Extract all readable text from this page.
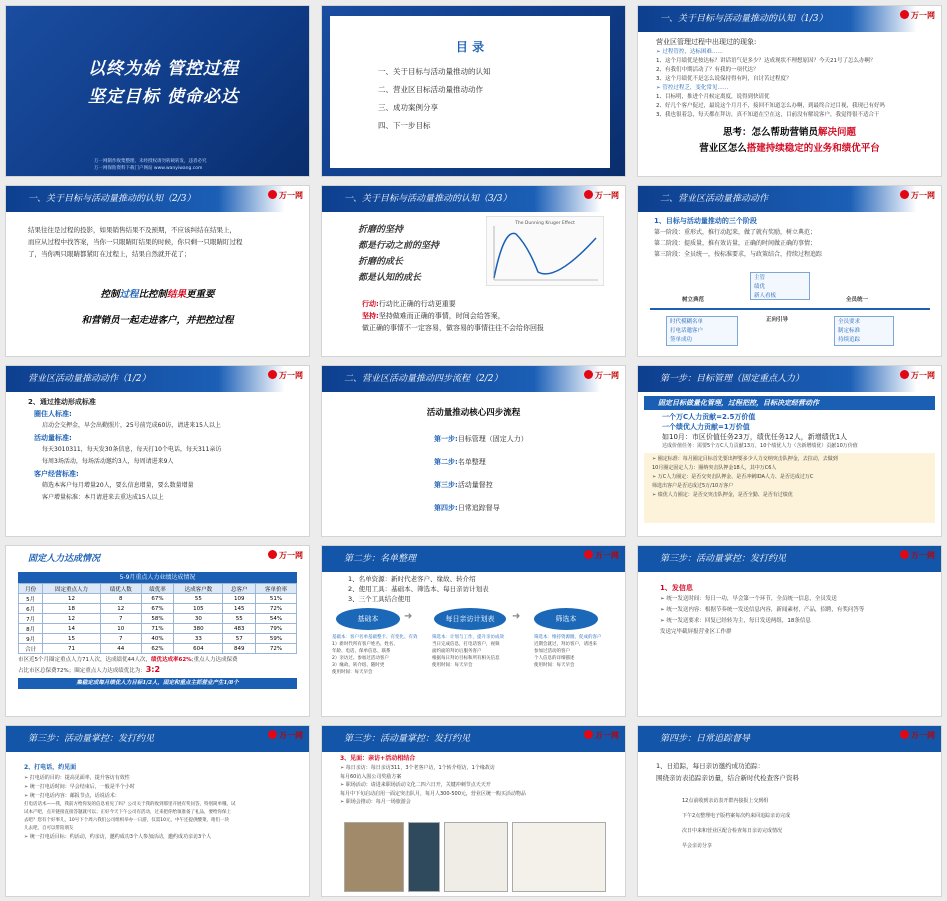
以终为始 管控过程
坚定目标 使命必达
万一网制作收集整理，未经授权请勿转载转发，违者必究
万一网保险资料下载门户网站 www.wanyiwang.com
目 录
一、关于目标与活动量推动的认知
二、营业区目标活动量推动动作
三、成功案例分享
四、下一步目标
一、关于目标与活动量推动的认知（1/3）	万一网
营业区管理过程中出现过的现象:
➢ 过程管控，达标困难……
1、这个月绩优是按达标？讲话语气是多少？达成现状不理想原因？今天21号了怎么办啊？
2、有我们中期活动了？有我的一项代达？
3、这个月绩优不是怎么说保持得有吗，自讨苦过程度？
➢ 管控过程乏，变化常见……
1、目标明，推进个月候定离度，说得到快请优
2、好几个客户促过，最说这个月月不，接回不知道怎么办啊，到最终合过目视，我现已有好吗
3、我也很着急，每天都在拜访，真不知道在空在这，目前没有解说客户，我觉得很不适合干
思考：怎么帮助营销员解决问题
营业区怎么搭建持续稳定的业务和绩优平台
一、关于目标与活动量推动的认知（2/3）	万一网
结果往往是过程的投影，如果销售结果不及预期，不应该纠结在结果上，
而应从过程中找答案，当你一只眼睛盯结果的时候，你只剩一只眼睛盯过程
了，当你两只眼睛都紧盯在过程上，结果自然就开花了；
控制过程比控制结果更重要
和营销员一起走进客户，并把控过程
一、关于目标与活动量推动的认知（3/3）	万一网
折磨的坚持
都是行动之前的坚持
折磨的成长
都是认知的成长
The Dunning Kruger Effect
行动:行动比正确的行动更重要
坚持:坚持做难而正确的事情，时间会给答案，
做正确的事情不一定容易，做容易的事情往往不会给你回报
二、营业区活动量推动动作	万一网
1、目标与活动量推动的三个阶段
第一阶段：重形式，推行动起来，做了就有奖励，树立典范；
第二阶段：提质量，推有效访量，正确的时间做正确的事情；
第三阶段：全员统一，按标准要求，与政策结合，持续过程追踪
主管
绩优
新人看板
树立典范
正向引导
全员统一
时代模糊名单
打电话邀客户
签单成功
全员要求
制定标准
持续追踪
营业区活动量推动动作（1/2）	万一网
2、通过推动形成标准
圈住人标准:
启动会交押金，早会出勤照片，25号前完成60访，请进来15人以上
活动量标准:
每天3010311，每天发30条信息，每天打10个电话，每天311亲访
每周3场活动，每场活动邀约3人，每周请进来9人
客户经营标准:
筛选本客户每月增量20人，要么信息增量，要么数量增量
客户增量标准：本月请进来去重达成15人以上
二、营业区活动量推动四步流程（2/2）	万一网
活动量推动核心四步流程
第一步:目标管理（固定人力）
第二步:名单整理
第三步:活动量督控
第四步:日常追踪督导
第一步：目标管理（固定重点人力）	万一网
固定目标做量化管理，过程把控，目标决定经营动作
一个万C人力贡献=2.5万价值
一个绩优人力贡献=1万价值
如10月：市区价值任务23万，绩优任务12人，新增绩优1人
达成价值任务：需要5个万C人力贡献13万，10个绩优人力（含新增绩优）贡献10万价值
➢ 圈定标准：每月圈定目标首先要出押要多少人力交纳突击队押金，去拉动，去做到
10月圈定固定人力：圈纳突击队押金18人，其中万C6人
➢ 万C人力圈定：是否交突击队押金、是否冲刺IDA人力、是否达成过万C
筛选出客户是否达成过5万/10万客户
➢ 绩优人力圈定：是否交突击队押金，是否全勤、是否有过绩优
固定人力达成情况	万一网
5-9月重点人力业绩达成情况
月份	固定重点人力	绩优人数	绩优率	达成客户数	总客户	客单价率
5月	12	8	67%	55	109	51%
6月	18	12	67%	105	145	72%
7月	12	7	58%	30	55	54%
8月	14	10	71%	380	483	79%
9月	15	7	40%	33	57	59%
合计	71	44	62%	604	849	72%
市区近5个月圈定重点人力71人次，达成绩优44人次，绩优达成率62%;重点人力达成保费
占比市区总保费72%；圈定重点人力达成绩优比为：3:2
集稳定成每月绩优人力目标1/2人，固定和重点主抓营业产生1/8个
第二步：名单整理	万一网
1、名单资源：新时代老客户、缘故、转介绍
2、使用工具：基础本、筛选本、每日亲访计划表
3、三个工具结合使用
基础本	每日亲访计划表	筛选本
➜	➜
基础本：客户名单基础整卡、有变化、有效
1）新时代所有客户姓名、姓名、
年龄、电话、保单信息、联系
2）亲访过、参加过活动客户
3）缘故、转介绍、随时更
使用时间：每天早会
筛选本：计划与工作，提升亲访成效
当日完成信息，打电话客户，视频
面约面的拜访后服务客户
根据每日拜访目标和所有相关信息
使用时间：每天早会
筛选本：维持资源圈，促成的客户
近期会就过，拜访客户，请进来
参加过活动的客户
个人信息的详细描述
使用时间：每天早会
第三步：活动量掌控：发打约见	万一网
1、发信息
➢ 统一发送时间：每日一功，早会第一个环节，全员统一信息，全员发送
➢ 统一发送内容：根据节奏统一发送信息内容，新闻素材，产品，招聘，有奖问答等
➢ 统一发送要求：回复已经转为主，每日发送两组，18条信息
发送完毕截屏报营业区工作群
第三步：活动量掌控：发打约见	万一网
2、打电话，约见面
➢ 打电话的目的：提高见面率，提升客访有效性
➢ 统一打电话时间：早会结束后，一般是半个小时
➢ 统一打电话内容：邮报节点，话说话术：
打电话话术——我，我前方给你发的信息看见了吗？公司关于我的收到那里开展有奖问答，特别简单哦，试
试本产吧，点开链接直接答题就可以；正好今天下午公司有活动，过来把你给领准备了礼品，要给你保上
去吧？您有个好事儿，10号下个周六我们公司组织举办一日游，仅需10元，中午还提供酸菜，咱们一块
儿去吧，自可以带陪朋友
➢ 统一打电话目标：约活动，约亲访，邀约成功3个人参加活动，邀约成功亲访3个人
第三步：活动量掌控：发打约见	万一网
3、见面：亲访+活动相结合
➢ 每日亲访：每日亲访311，3个老客户访，1个转介绍访，1个缘故访
每月60访入围公司奖励方案
➢ 职场活动：请进来职场活动文化二四六日开，关键冲刺节点天天开
每月中下旬启动启用一面定突击队月，每月人300-500元，营业区统一购买活动物品
➢ 职场会推动：每月一场旅游会
第四步：日常追踪督导	万一网
1、日追踪，每日亲访邀约成功追踪：
围绕亲访表追踪亲访量，结合新时代检查客户资料
12点前收到亲访表开群内接报上交到组
下午2点整理电子版档案每次约来回追踪亲访完成
次日中来和营业区配合检查每日亲访完成情况
早会亲访分享
